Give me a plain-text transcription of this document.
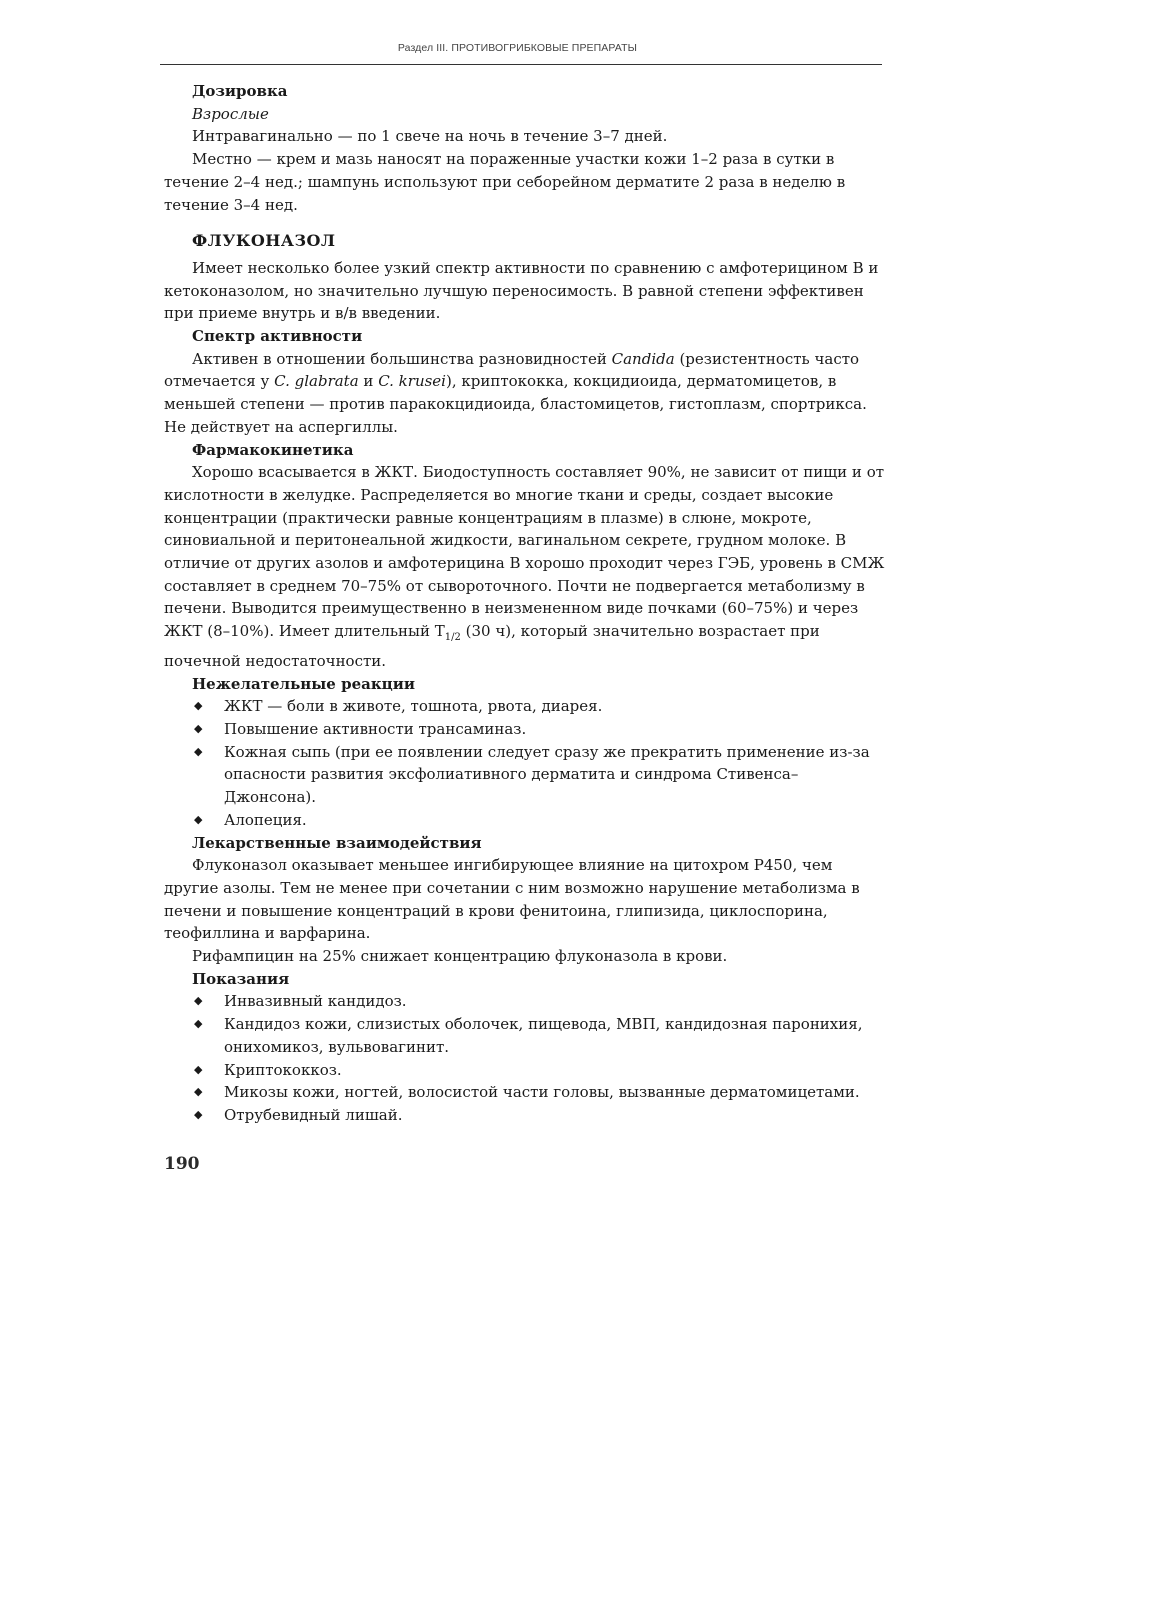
Раздел III. ПРОТИВОГРИБКОВЫЕ ПРЕПАРАТЫ

Дозировка

Взрослые

Интравагинально — по 1 свече на ночь в течение 3–7 дней.

Местно — крем и мазь наносят на пораженные участки кожи 1–2 раза в сутки в течение 2–4 нед.; шампунь используют при себорейном дерматите 2 раза в неделю в течение 3–4 нед.

ФЛУКОНАЗОЛ

Имеет несколько более узкий спектр активности по сравнению с амфотерицином В и кетоконазолом, но значительно лучшую переносимость. В равной степени эффективен при приеме внутрь и в/в введении.

Спектр активности

Активен в отношении большинства разновидностей Candida (резистентность часто отмечается у C. glabrata и C. krusei), криптококка, кокцидиоида, дерматомицетов, в меньшей степени — против паракокцидиоида, бластомицетов, гистоплазм, спортрикса. Не действует на аспергиллы.

Фармакокинетика

Хорошо всасывается в ЖКТ. Биодоступность составляет 90%, не зависит от пищи и от кислотности в желудке. Распределяется во многие ткани и среды, создает высокие концентрации (практически равные концентрациям в плазме) в слюне, мокроте, синовиальной и перитонеальной жидкости, вагинальном секрете, грудном молоке. В отличие от других азолов и амфотерицина В хорошо проходит через ГЭБ, уровень в СМЖ составляет в среднем 70–75% от сывороточного. Почти не подвергается метаболизму в печени. Выводится преимущественно в неизмененном виде почками (60–75%) и через ЖКТ (8–10%). Имеет длительный $Т_{1/2}$ (30 ч), который значительно возрастает при почечной недостаточности.

Нежелательные реакции

◆ ЖКТ — боли в животе, тошнота, рвота, диарея.
◆ Повышение активности трансаминаз.
◆ Кожная сыпь (при ее появлении следует сразу же прекратить применение из-за опасности развития эксфолиативного дерматита и синдрома Стивенса–Джонсона).
◆ Алопеция.

Лекарственные взаимодействия

Флуконазол оказывает меньшее ингибирующее влияние на цитохром Р450, чем другие азолы. Тем не менее при сочетании с ним возможно нарушение метаболизма в печени и повышение концентраций в крови фенитоина, глипизида, циклоспорина, теофиллина и варфарина.

Рифампицин на 25% снижает концентрацию флуконазола в крови.

Показания

◆ Инвазивный кандидоз.
◆ Кандидоз кожи, слизистых оболочек, пищевода, МВП, кандидозная паронихия, онихомикоз, вульвовагинит.
◆ Криптококкоз.
◆ Микозы кожи, ногтей, волосистой части головы, вызванные дерматомицетами.
◆ Отрубевидный лишай.
190
